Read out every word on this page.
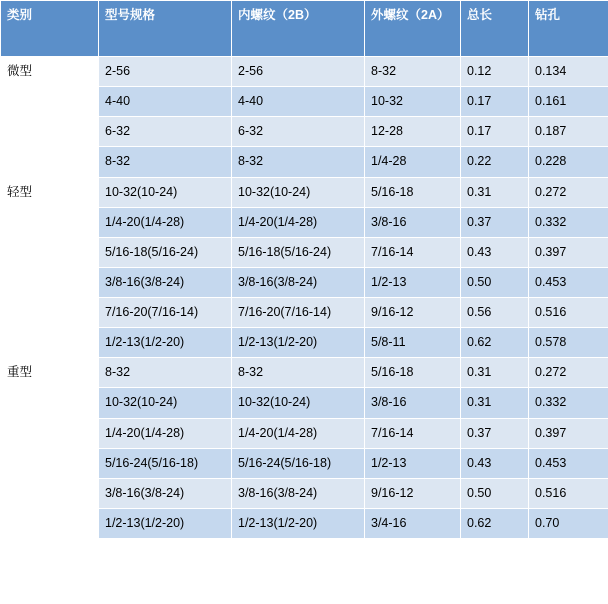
类别	型号规格	内螺纹（2B）	外螺纹（2A）	总长	钻孔

微型	2-56	2-56	8-32	0.12	0.134
	4-40	4-40	10-32	0.17	0.161
	6-32	6-32	12-28	0.17	0.187
	8-32	8-32	1/4-28	0.22	0.228

轻型	10-32(10-24)	10-32(10-24)	5/16-18	0.31	0.272
	1/4-20(1/4-28)	1/4-20(1/4-28)	3/8-16	0.37	0.332
	5/16-18(5/16-24)	5/16-18(5/16-24)	7/16-14	0.43	0.397
	3/8-16(3/8-24)	3/8-16(3/8-24)	1/2-13	0.50	0.453
	7/16-20(7/16-14)	7/16-20(7/16-14)	9/16-12	0.56	0.516
	1/2-13(1/2-20)	1/2-13(1/2-20)	5/8-11	0.62	0.578

重型	8-32	8-32	5/16-18	0.31	0.272
	10-32(10-24)	10-32(10-24)	3/8-16	0.31	0.332
	1/4-20(1/4-28)	1/4-20(1/4-28)	7/16-14	0.37	0.397
	5/16-24(5/16-18)	5/16-24(5/16-18)	1/2-13	0.43	0.453
	3/8-16(3/8-24)	3/8-16(3/8-24)	9/16-12	0.50	0.516
	1/2-13(1/2-20)	1/2-13(1/2-20)	3/4-16	0.62	0.70
